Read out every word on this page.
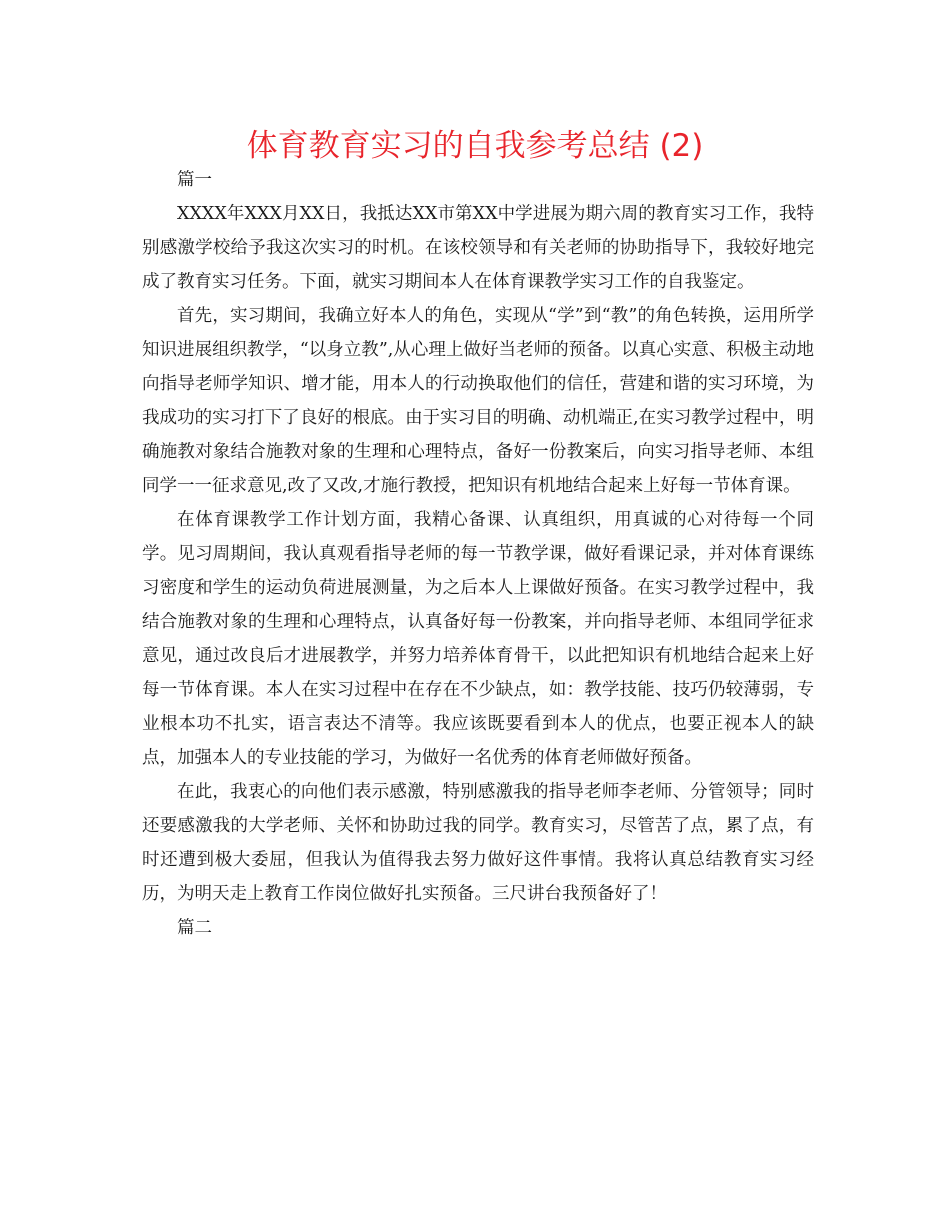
体育教育实习的自我参考总结 (2)

篇一

XXXX年XXX月XX日，我抵达XX市第XX中学进展为期六周的教育实习工作，我特别感激学校给予我这次实习的时机。在该校领导和有关老师的协助指导下，我较好地完成了教育实习任务。下面，就实习期间本人在体育课教学实习工作的自我鉴定。

首先，实习期间，我确立好本人的角色，实现从“学”到“教”的角色转换，运用所学知识进展组织教学，“以身立教”,从心理上做好当老师的预备。以真心实意、积极主动地向指导老师学知识、增才能，用本人的行动换取他们的信任，营建和谐的实习环境，为我成功的实习打下了良好的根底。由于实习目的明确、动机端正,在实习教学过程中，明确施教对象结合施教对象的生理和心理特点，备好一份教案后，向实习指导老师、本组同学一一征求意见,改了又改,才施行教授，把知识有机地结合起来上好每一节体育课。

在体育课教学工作计划方面，我精心备课、认真组织，用真诚的心对待每一个同学。见习周期间，我认真观看指导老师的每一节教学课，做好看课记录，并对体育课练习密度和学生的运动负荷进展测量，为之后本人上课做好预备。在实习教学过程中，我结合施教对象的生理和心理特点，认真备好每一份教案，并向指导老师、本组同学征求意见，通过改良后才进展教学，并努力培养体育骨干，以此把知识有机地结合起来上好每一节体育课。本人在实习过程中在存在不少缺点，如：教学技能、技巧仍较薄弱，专业根本功不扎实，语言表达不清等。我应该既要看到本人的优点，也要正视本人的缺点，加强本人的专业技能的学习，为做好一名优秀的体育老师做好预备。

在此，我衷心的向他们表示感激，特别感激我的指导老师李老师、分管领导；同时还要感激我的大学老师、关怀和协助过我的同学。教育实习，尽管苦了点，累了点，有时还遭到极大委屈，但我认为值得我去努力做好这件事情。我将认真总结教育实习经历，为明天走上教育工作岗位做好扎实预备。三尺讲台我预备好了！

篇二
